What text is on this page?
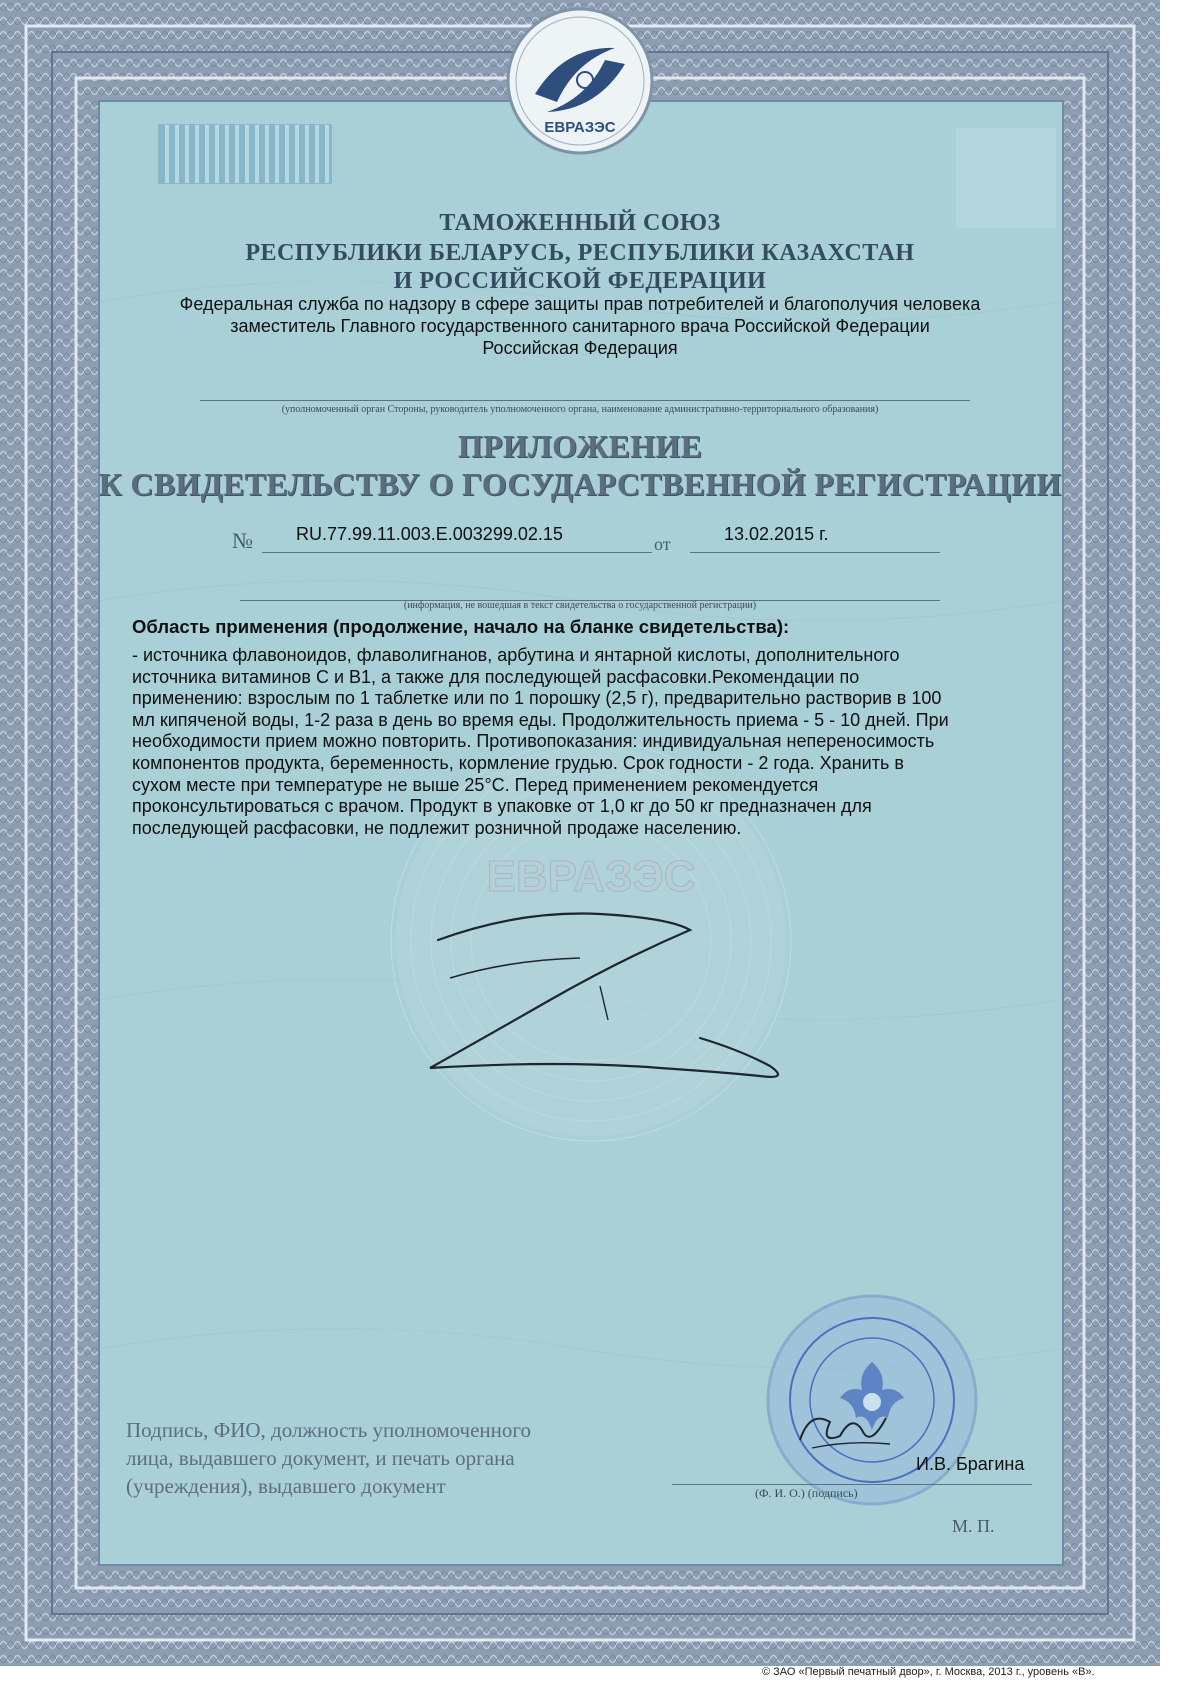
ЕВРАЗЭС
ЕВРАЗЭС
ТАМОЖЕННЫЙ СОЮЗ
РЕСПУБЛИКИ БЕЛАРУСЬ, РЕСПУБЛИКИ КАЗАХСТАН
И РОССИЙСКОЙ ФЕДЕРАЦИИ
Федеральная служба по надзору в сфере защиты прав потребителей и благополучия человека
заместитель Главного государственного санитарного врача Российской Федерации
Российская Федерация
(уполномоченный орган Стороны, руководитель уполномоченного органа, наименование административно-территориального образования)
ПРИЛОЖЕНИЕ
К СВИДЕТЕЛЬСТВУ О ГОСУДАРСТВЕННОЙ РЕГИСТРАЦИИ
№ RU.77.99.11.003.E.003299.02.15	от	13.02.2015 г.
(информация, не вошедшая в текст свидетельства о государственной регистрации)
Область применения (продолжение, начало на бланке свидетельства):
- источника флавоноидов, флаволигнанов, арбутина и янтарной кислоты, дополнительного
источника витаминов С и В1, а также для последующей расфасовки.Рекомендации по
применению: взрослым по 1 таблетке или по 1 порошку (2,5 г), предварительно растворив в 100
мл кипяченой воды, 1-2 раза в день во время еды. Продолжительность приема - 5 - 10 дней. При
необходимости прием можно повторить. Противопоказания: индивидуальная непереносимость
компонентов продукта, беременность, кормление грудью. Срок годности - 2 года. Хранить в
сухом месте при температуре не выше 25°С. Перед применением рекомендуется
проконсультироваться с врачом. Продукт в упаковке от 1,0 кг до 50 кг предназначен для
последующей расфасовки, не подлежит розничной продаже населению.
Подпись, ФИО, должность уполномоченного
лица, выдавшего документ, и печать органа
(учреждения), выдавшего документ
И.В. Брагина
(Ф. И. О.) (подпись)
М. П.
© ЗАО «Первый печатный двор», г. Москва, 2013 г., уровень «В».
